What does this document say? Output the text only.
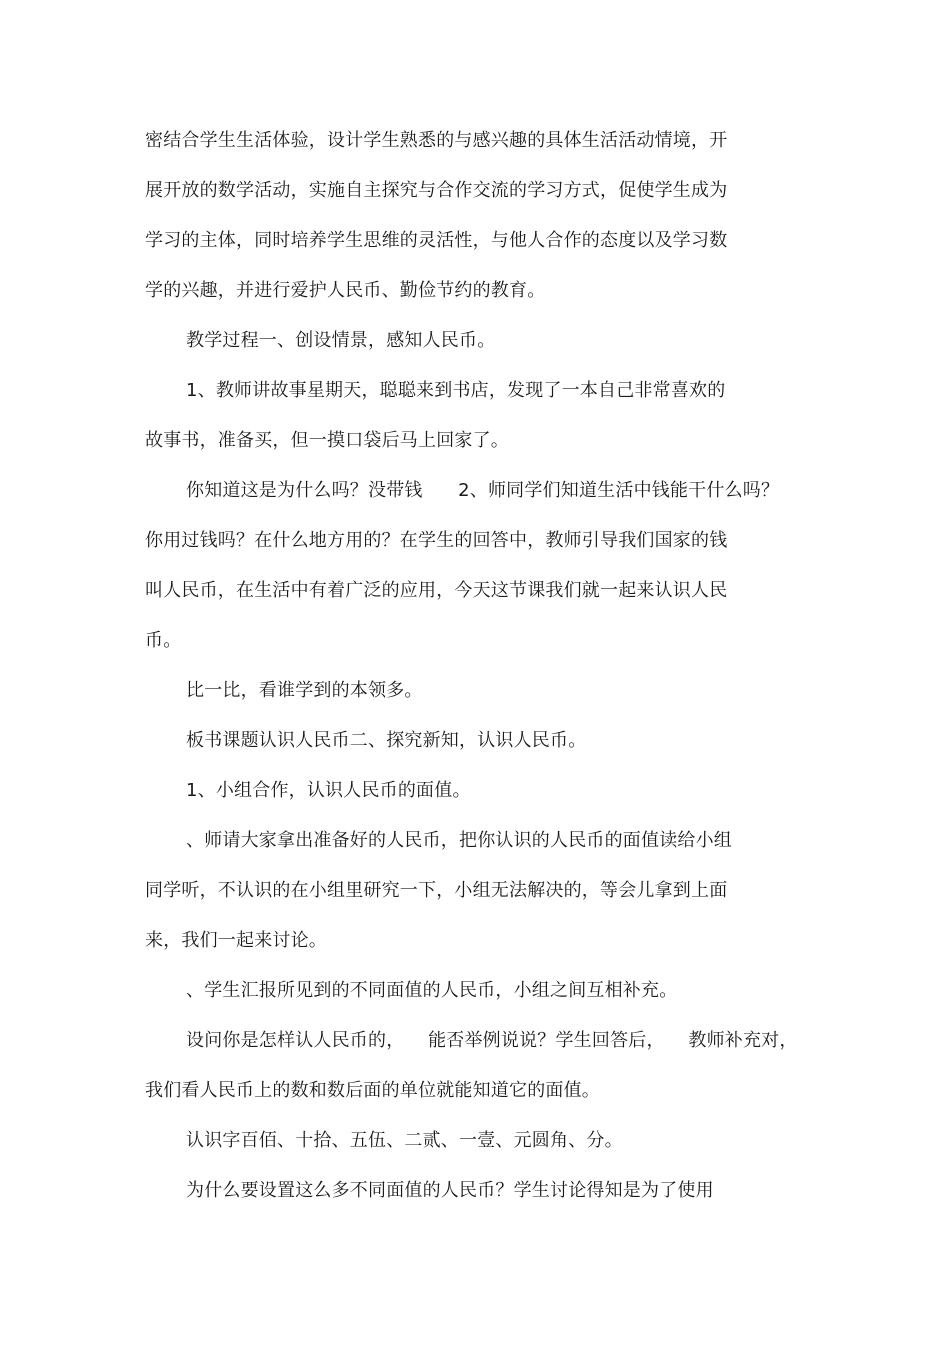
密结合学生生活体验，设计学生熟悉的与感兴趣的具体生活活动情境，开
展开放的数学活动，实施自主探究与合作交流的学习方式，促使学生成为
学习的主体，同时培养学生思维的灵活性，与他人合作的态度以及学习数
学的兴趣，并进行爱护人民币、勤俭节约的教育。
教学过程一、创设情景，感知人民币。
1、教师讲故事星期天，聪聪来到书店，发现了一本自己非常喜欢的
故事书，准备买，但一摸口袋后马上回家了。
你知道这是为什么吗？没带钱      2、师同学们知道生活中钱能干什么吗？
你用过钱吗？在什么地方用的？在学生的回答中，教师引导我们国家的钱
叫人民币，在生活中有着广泛的应用，今天这节课我们就一起来认识人民
币。
比一比，看谁学到的本领多。
板书课题认识人民币二、探究新知，认识人民币。
1、小组合作，认识人民币的面值。
、师请大家拿出准备好的人民币，把你认识的人民币的面值读给小组
同学听，不认识的在小组里研究一下，小组无法解决的，等会儿拿到上面
来，我们一起来讨论。
、学生汇报所见到的不同面值的人民币，小组之间互相补充。
设问你是怎样认人民币的，    能否举例说说？学生回答后，    教师补充对，
我们看人民币上的数和数后面的单位就能知道它的面值。
认识字百佰、十拾、五伍、二贰、一壹、元圆角、分。
为什么要设置这么多不同面值的人民币？学生讨论得知是为了使用
